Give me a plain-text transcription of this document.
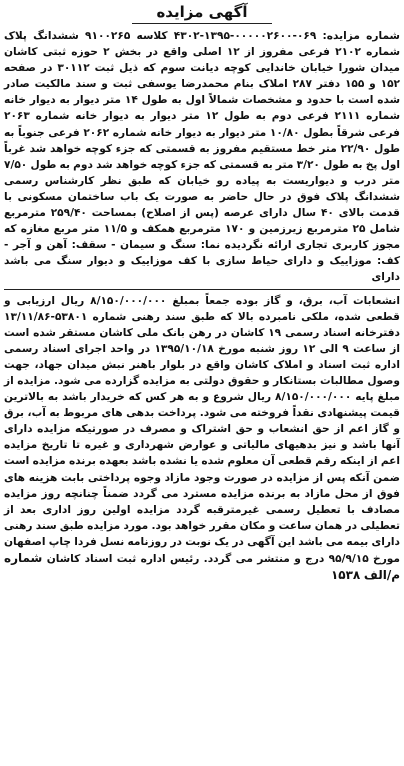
آگهی مزایده

شماره مزایده: ۰۶۹-۰۰۰۰۰۲۶۰۰-۱۳۹۵-۴۳۰۲ کلاسه ۹۱۰۰۲۶۵ ششدانگ پلاک شماره ۲۱۰۲ فرعی مفروز از ۱۲ اصلی واقع در بخش ۲ حوزه ثبتی کاشان میدان شورا خیابان خاندایی کوچه دیانت سوم که ذیل ثبت ۳۰۱۱۲ در صفحه ۱۵۲ و ۱۵۵ دفتر ۲۸۷ املاک بنام محمدرضا یوسفی ثبت و سند مالکیت صادر شده است با حدود و مشخصات شمالاً اول به طول ۱۴ متر دیوار به دیوار خانه شماره ۲۱۱۱ فرعی دوم به طول ۱۲ متر دیوار به دیوار خانه شماره ۲۰۶۳ فرعی شرقاً بطول ۱۰/۸۰ متر دیوار به دیوار خانه شماره ۲۰۶۲ فرعی جنوباً به طول ۲۲/۹۰ متر خط مستقیم مفروز به قسمتی که جزء کوچه خواهد شد غرباً اول پخ به طول ۳/۲۰ متر به قسمتی که جزء کوچه خواهد شد دوم به طول ۷/۵۰ متر درب و دیواریست به پیاده رو خیابان که طبق نظر کارشناس رسمی ششدانگ پلاک فوق در حال حاضر به صورت یک باب ساختمان مسکونی با قدمت بالای ۴۰ سال دارای عرصه (پس از اصلاح) بمساحت ۲۵۹/۴۰ مترمربع شامل ۲۵ مترمربع زیرزمین و ۱۷۰ مترمربع همکف و ۱۱/۵ متر مربع مغازه که مجوز کاربری تجاری ارائه نگردیده نما: سنگ و سیمان - سقف: آهن و آجر - کف: موزاییک و دارای حیاط سازی با کف موزاییک و دیوار سنگ می باشد دارای

انشعابات آب، برق، و گاز بوده جمعاً بمبلغ ۸/۱۵۰/۰۰۰/۰۰۰ ریال ارزیابی و قطعی شده، ملکی نامبرده بالا که طبق سند رهنی شماره ۵۳۸۰۱-۱۳/۱۱/۸۶ دفترخانه اسناد رسمی ۱۹ کاشان در رهن بانک ملی کاشان مستقر شده است از ساعت ۹ الی ۱۲ روز شنبه مورخ ۱۳۹۵/۱۰/۱۸ در واحد اجرای اسناد رسمی اداره ثبت اسناد و املاک کاشان واقع در بلوار باهنر نبش میدان جهاد، جهت وصول مطالبات بستانکار و حقوق دولتی به مزایده گزارده می شود. مزایده از مبلغ پایه ۸/۱۵۰/۰۰۰/۰۰۰ ریال شروع و به هر کس که خریدار باشد به بالاترین قیمت پیشنهادی نقداً فروخته می شود. پرداخت بدهی های مربوط به آب، برق و گاز اعم از حق انشعاب و حق اشتراک و مصرف در صورتیکه مزایده دارای آنها باشد و نیز بدهیهای مالیاتی و عوارض شهرداری و غیره تا تاریخ مزایده اعم از اینکه رقم قطعی آن معلوم شده یا نشده باشد بعهده برنده مزایده است ضمن آنکه پس از مزایده در صورت وجود مازاد وجوه پرداختی بابت هزینه های فوق از محل مازاد به برنده مزایده مسترد می گردد ضمناً چنانچه روز مزایده مصادف با تعطیل رسمی غیرمترقبه گردد مزایده اولین روز اداری بعد از تعطیلی در همان ساعت و مکان مقرر خواهد بود. مورد مزایده طبق سند رهنی دارای بیمه می باشد این آگهی در یک نوبت در روزنامه نسل فردا چاپ اصفهان مورخ ۹۵/۹/۱۵ درج و منتشر می گردد. رئیس اداره ثبت اسناد کاشان شماره م/الف ۱۵۳۸
